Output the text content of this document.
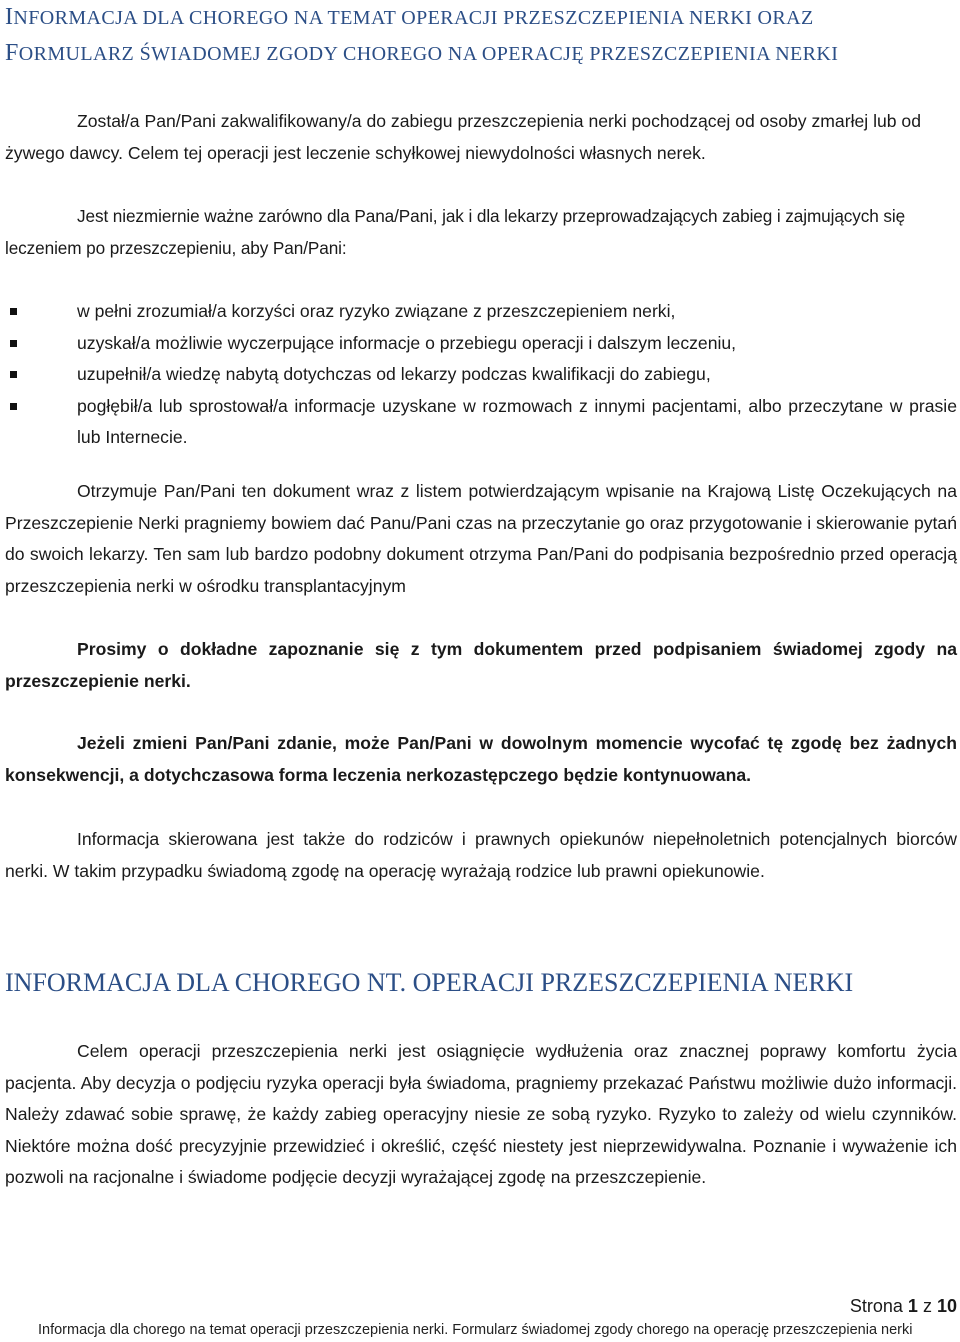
INFORMACJA DLA CHOREGO NA TEMAT OPERACJI PRZESZCZEPIENIA NERKI ORAZ
FORMULARZ ŚWIADOMEJ ZGODY CHOREGO NA OPERACJĘ PRZESZCZEPIENIA NERKI

Został/a Pan/Pani zakwalifikowany/a do zabiegu przeszczepienia nerki pochodzącej od osoby zmarłej lub od żywego dawcy. Celem tej operacji jest leczenie schyłkowej niewydolności własnych nerek.

Jest niezmiernie ważne zarówno dla Pana/Pani, jak i dla lekarzy przeprowadzających zabieg i zajmujących się leczeniem po przeszczepieniu, aby Pan/Pani:

w pełni zrozumiał/a korzyści oraz ryzyko związane z przeszczepieniem nerki,
uzyskał/a możliwie wyczerpujące informacje o przebiegu operacji i dalszym leczeniu,
uzupełnił/a wiedzę nabytą dotychczas od lekarzy podczas kwalifikacji do zabiegu,
pogłębił/a lub sprostował/a informacje uzyskane w rozmowach z innymi pacjentami, albo przeczytane w prasie lub Internecie.

Otrzymuje Pan/Pani ten dokument wraz z listem potwierdzającym wpisanie na Krajową Listę Oczekujących na Przeszczepienie Nerki pragniemy bowiem dać Panu/Pani czas na przeczytanie go oraz przygotowanie i skierowanie pytań do swoich lekarzy. Ten sam lub bardzo podobny dokument otrzyma Pan/Pani do podpisania bezpośrednio przed operacją przeszczepienia nerki w ośrodku transplantacyjnym

Prosimy o dokładne zapoznanie się z tym dokumentem przed podpisaniem świadomej zgody na przeszczepienie nerki.

Jeżeli zmieni Pan/Pani zdanie, może Pan/Pani w dowolnym momencie wycofać tę zgodę bez żadnych konsekwencji, a dotychczasowa forma leczenia nerkozastępczego będzie kontynuowana.

Informacja skierowana jest także do rodziców i prawnych opiekunów niepełnoletnich potencjalnych biorców nerki. W takim przypadku świadomą zgodę na operację wyrażają rodzice lub prawni opiekunowie.

INFORMACJA DLA CHOREGO NT. OPERACJI PRZESZCZEPIENIA NERKI

Celem operacji przeszczepienia nerki jest osiągnięcie wydłużenia oraz znacznej poprawy komfortu życia pacjenta. Aby decyzja o podjęciu ryzyka operacji była świadoma, pragniemy przekazać Państwu możliwie dużo informacji. Należy zdawać sobie sprawę, że każdy zabieg operacyjny niesie ze sobą ryzyko. Ryzyko to zależy od wielu czynników. Niektóre można dość precyzyjnie przewidzieć i określić, część niestety jest nieprzewidywalna. Poznanie i wyważenie ich pozwoli na racjonalne i świadome podjęcie decyzji wyrażającej zgodę na przeszczepienie.

Strona 1 z 10
Informacja dla chorego na temat operacji przeszczepienia nerki. Formularz świadomej zgody chorego na operację przeszczepienia nerki
